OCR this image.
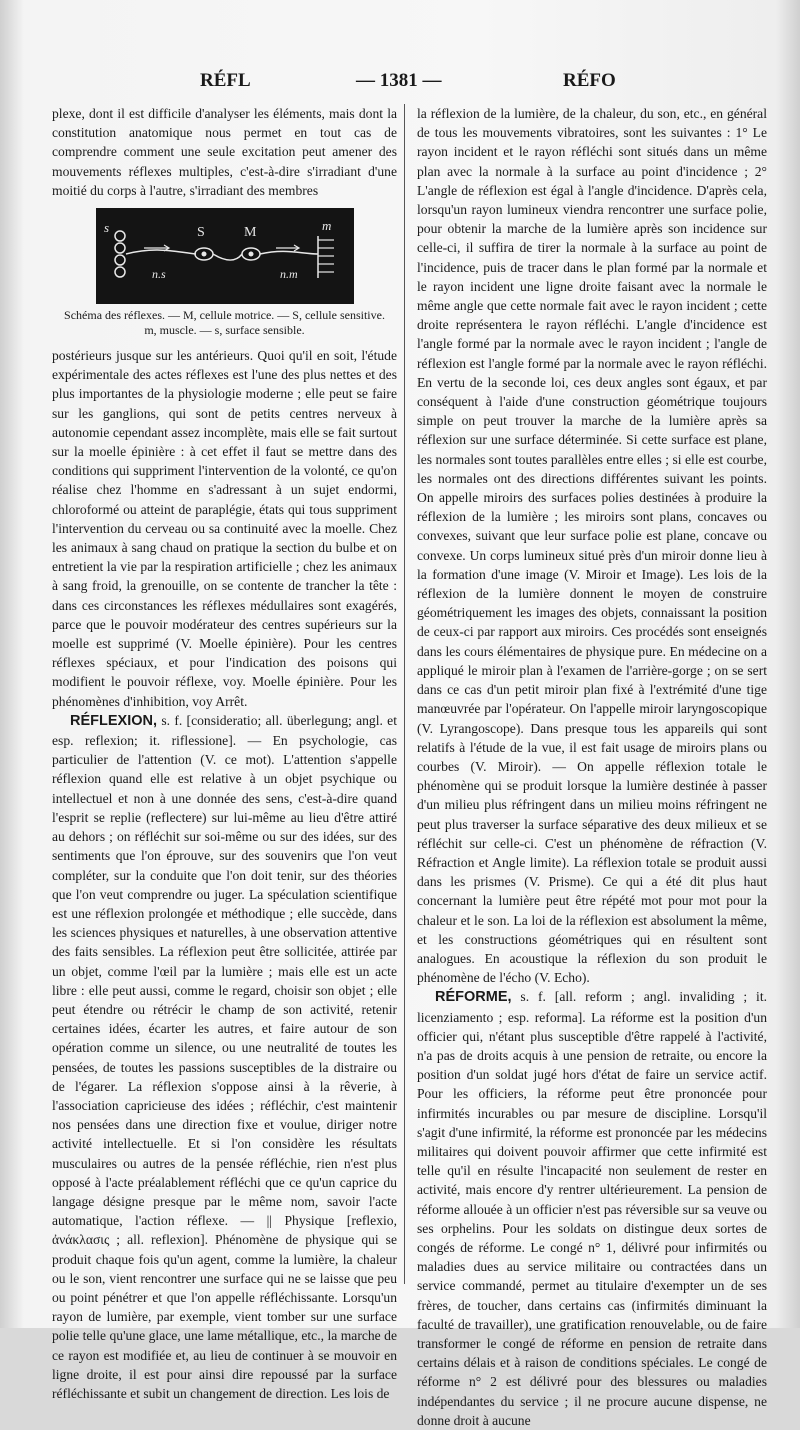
RÉFL	— 1381 —	RÉFO

plexe, dont il est difficile d'analyser les éléments, mais dont la constitution anatomique nous permet en tout cas de comprendre comment une seule excitation peut amener des mouvements réflexes multiples, c'est-à-dire s'irradiant d'une moitié du corps à l'autre, s'irradiant des membres

S	M	m
s
n.s	n.m
Schéma des réflexes. — M, cellule motrice. — S, cellule sensitive.
m, muscle. — s, surface sensible.

postérieurs jusque sur les antérieurs. Quoi qu'il en soit, l'étude expérimentale des actes réflexes est l'une des plus nettes et des plus importantes de la physiologie moderne ; elle peut se faire sur les ganglions, qui sont de petits centres nerveux à autonomie cependant assez incomplète, mais elle se fait surtout sur la moelle épinière : à cet effet il faut se mettre dans des conditions qui suppriment l'intervention de la volonté, ce qu'on réalise chez l'homme en s'adressant à un sujet endormi, chloroformé ou atteint de paraplégie, états qui tous suppriment l'intervention du cerveau ou sa continuité avec la moelle. Chez les animaux à sang chaud on pratique la section du bulbe et on entretient la vie par la respiration artificielle ; chez les animaux à sang froid, la grenouille, on se contente de trancher la tête : dans ces circonstances les réflexes médullaires sont exagérés, parce que le pouvoir modérateur des centres supérieurs sur la moelle est supprimé (V. Moelle épinière). Pour les centres réflexes spéciaux, et pour l'indication des poisons qui modifient le pouvoir réflexe, voy. Moelle épinière. Pour les phénomènes d'inhibition, voy Arrêt.

RÉFLEXION, s. f. [consideratio; all. überlegung; angl. et esp. reflexion; it. riflessione]. — En psychologie, cas particulier de l'attention (V. ce mot). L'attention s'appelle réflexion quand elle est relative à un objet psychique ou intellectuel et non à une donnée des sens, c'est-à-dire quand l'esprit se replie (reflectere) sur lui-même au lieu d'être attiré au dehors ; on réfléchit sur soi-même ou sur des idées, sur des sentiments que l'on éprouve, sur des souvenirs que l'on veut compléter, sur la conduite que l'on doit tenir, sur des théories que l'on veut comprendre ou juger. La spéculation scientifique est une réflexion prolongée et méthodique ; elle succède, dans les sciences physiques et naturelles, à une observation attentive des faits sensibles. La réflexion peut être sollicitée, attirée par un objet, comme l'œil par la lumière ; mais elle est un acte libre : elle peut aussi, comme le regard, choisir son objet ; elle peut étendre ou rétrécir le champ de son activité, retenir certaines idées, écarter les autres, et faire autour de son opération comme un silence, ou une neutralité de toutes les pensées, de toutes les passions susceptibles de la distraire ou de l'égarer. La réflexion s'oppose ainsi à la rêverie, à l'association capricieuse des idées ; réfléchir, c'est maintenir nos pensées dans une direction fixe et voulue, diriger notre activité intellectuelle. Et si l'on considère les résultats musculaires ou autres de la pensée réfléchie, rien n'est plus opposé à l'acte préalablement réfléchi que ce qu'un caprice du langage désigne presque par le même nom, savoir l'acte automatique, l'action réflexe. — || Physique [reflexio, ἀνάκλασις ; all. reflexion]. Phénomène de physique qui se produit chaque fois qu'un agent, comme la lumière, la chaleur ou le son, vient rencontrer une surface qui ne se laisse que peu ou point pénétrer et que l'on appelle réfléchissante. Lorsqu'un rayon de lumière, par exemple, vient tomber sur une surface polie telle qu'une glace, une lame métallique, etc., la marche de ce rayon est modifiée et, au lieu de continuer à se mouvoir en ligne droite, il est pour ainsi dire repoussé par la surface réfléchissante et subit un changement de direction. Les lois de

la réflexion de la lumière, de la chaleur, du son, etc., en général de tous les mouvements vibratoires, sont les suivantes : 1° Le rayon incident et le rayon réfléchi sont situés dans un même plan avec la normale à la surface au point d'incidence ; 2° L'angle de réflexion est égal à l'angle d'incidence. D'après cela, lorsqu'un rayon lumineux viendra rencontrer une surface polie, pour obtenir la marche de la lumière après son incidence sur celle-ci, il suffira de tirer la normale à la surface au point de l'incidence, puis de tracer dans le plan formé par la normale et le rayon incident une ligne droite faisant avec la normale le même angle que cette normale fait avec le rayon incident ; cette droite représentera le rayon réfléchi. L'angle d'incidence est l'angle formé par la normale avec le rayon incident ; l'angle de réflexion est l'angle formé par la normale avec le rayon réfléchi. En vertu de la seconde loi, ces deux angles sont égaux, et par conséquent à l'aide d'une construction géométrique toujours simple on peut trouver la marche de la lumière après sa réflexion sur une surface déterminée. Si cette surface est plane, les normales sont toutes parallèles entre elles ; si elle est courbe, les normales ont des directions différentes suivant les points. On appelle miroirs des surfaces polies destinées à produire la réflexion de la lumière ; les miroirs sont plans, concaves ou convexes, suivant que leur surface polie est plane, concave ou convexe. Un corps lumineux situé près d'un miroir donne lieu à la formation d'une image (V. Miroir et Image). Les lois de la réflexion de la lumière donnent le moyen de construire géométriquement les images des objets, connaissant la position de ceux-ci par rapport aux miroirs. Ces procédés sont enseignés dans les cours élémentaires de physique pure. En médecine on a appliqué le miroir plan à l'examen de l'arrière-gorge ; on se sert dans ce cas d'un petit miroir plan fixé à l'extrémité d'une tige manœuvrée par l'opérateur. On l'appelle miroir laryngoscopique (V. Lyrangoscope). Dans presque tous les appareils qui sont relatifs à l'étude de la vue, il est fait usage de miroirs plans ou courbes (V. Miroir). — On appelle réflexion totale le phénomène qui se produit lorsque la lumière destinée à passer d'un milieu plus réfringent dans un milieu moins réfringent ne peut plus traverser la surface séparative des deux milieux et se réfléchit sur celle-ci. C'est un phénomène de réfraction (V. Réfraction et Angle limite). La réflexion totale se produit aussi dans les prismes (V. Prisme). Ce qui a été dit plus haut concernant la lumière peut être répété mot pour mot pour la chaleur et le son. La loi de la réflexion est absolument la même, et les constructions géométriques qui en résultent sont analogues. En acoustique la réflexion du son produit le phénomène de l'écho (V. Echo).

RÉFORME, s. f. [all. reform ; angl. invaliding ; it. licenziamento ; esp. reforma]. La réforme est la position d'un officier qui, n'étant plus susceptible d'être rappelé à l'activité, n'a pas de droits acquis à une pension de retraite, ou encore la position d'un soldat jugé hors d'état de faire un service actif. Pour les officiers, la réforme peut être prononcée pour infirmités incurables ou par mesure de discipline. Lorsqu'il s'agit d'une infirmité, la réforme est prononcée par les médecins militaires qui doivent pouvoir affirmer que cette infirmité est telle qu'il en résulte l'incapacité non seulement de rester en activité, mais encore d'y rentrer ultérieurement. La pension de réforme allouée à un officier n'est pas réversible sur sa veuve ou ses orphelins. Pour les soldats on distingue deux sortes de congés de réforme. Le congé n° 1, délivré pour infirmités ou maladies dues au service militaire ou contractées dans un service commandé, permet au titulaire d'exempter un de ses frères, de toucher, dans certains cas (infirmités diminuant la faculté de travailler), une gratification renouvelable, ou de faire transformer le congé de réforme en pension de retraite dans certains délais et à raison de conditions spéciales. Le congé de réforme n° 2 est délivré pour des blessures ou maladies indépendantes du service ; il ne procure aucune dispense, ne donne droit à aucune
